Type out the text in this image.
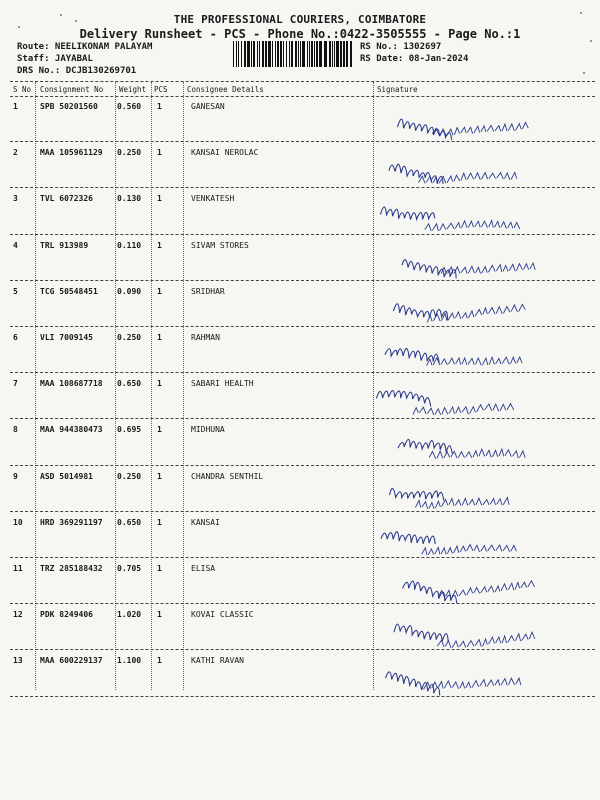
THE PROFESSIONAL COURIERS, COIMBATORE
Delivery Runsheet - PCS - Phone No.:0422-3505555 - Page No.:1
Route: NEELIKONAM PALAYAM
Staff: JAYABAL
DRS No.: DCJB130269701
RS No.: 1302697
RS Date: 08-Jan-2024
S No Consignment No Weight PCS	Consignee Details	Signature
1	SPB 50201560 0.560 1	GANESAN
2	MAA 105961129 0.250 1	KANSAI NEROLAC
3	TVL 6072326	0.130 1	VENKATESH
4	TRL 913989	0.110 1	SIVAM STORES
5	TCG 50548451 0.090 1	SRIDHAR
6	VLI 7009145	0.250 1	RAHMAN
7	MAA 108687718 0.650 1	SABARI HEALTH
8	MAA 944380473 0.695 1	MIDHUNA
9	ASD 5014981	0.250 1	CHANDRA SENTHIL
10 HRD 369291197 0.650 1	KANSAI
11 TRZ 285188432 0.705 1	ELISA
12 PDK 8249406	1.020 1	KOVAI CLASSIC
13 MAA 600229137 1.100 1	KATHI RAVAN
